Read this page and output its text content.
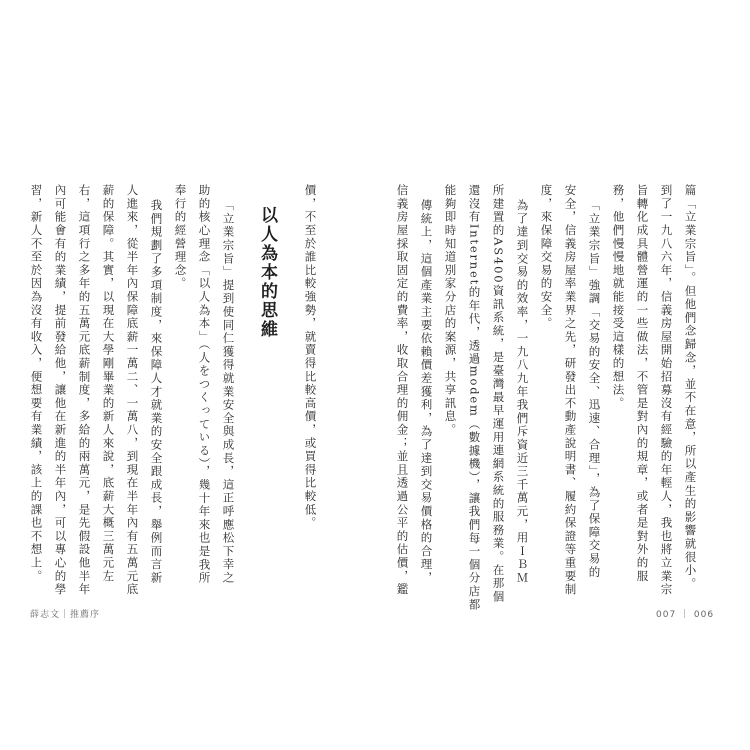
篇「立業宗旨」。但他們念歸念，並不在意，所以產生的影響就很小。
到了一九八六年，信義房屋開始招募沒有經驗的年輕人，我也將立業宗
旨轉化成具體營運的一些做法，不管是對內的規章，或者是對外的服
務，他們慢慢地就能接受這樣的想法。
「立業宗旨」強調「交易的安全、迅速、合理」，為了保障交易的
安全，信義房屋率業界之先，研發出不動產說明書、履約保證等重要制
度，來保障交易的安全。
為了達到交易的效率，一九八九年我們斥資近三千萬元，用ＩＢＭ
所建置的AS400資訊系統，是臺灣最早運用連網系統的服務業。在那個
還沒有Internet的年代，透過modem（數據機），讓我們每一個分店都
能夠即時知道別家分店的案源，共享訊息。
傳統上，這個產業主要依賴價差獲利，為了達到交易價格的合理，
信義房屋採取固定的費率，收取合理的佣金；並且透過公平的估價，鑑
007 ｜ 006
價，不至於誰比較強勢，就賣得比較高價，或買得比較低。
以人為本的思維
「立業宗旨」提到使同仁獲得就業安全與成長，這正呼應松下幸之
助的核心理念「以人為本」（人をつくっている），幾十年來也是我所
奉行的經營理念。
我們規劃了多項制度，來保障人才就業的安全跟成長，舉例而言新
人進來，從半年內保障底薪一萬二、一萬八，到現在半年內有五萬元底
薪的保障。其實，以現在大學剛畢業的新人來說，底薪大概三萬元左
右，這項行之多年的五萬元底薪制度，多給的兩萬元，是先假設他半年
內可能會有的業績，提前發給他，讓他在新進的半年內，可以專心的學
習，新人不至於因為沒有收入，便想要有業績，該上的課也不想上。
薛志文｜推薦序
